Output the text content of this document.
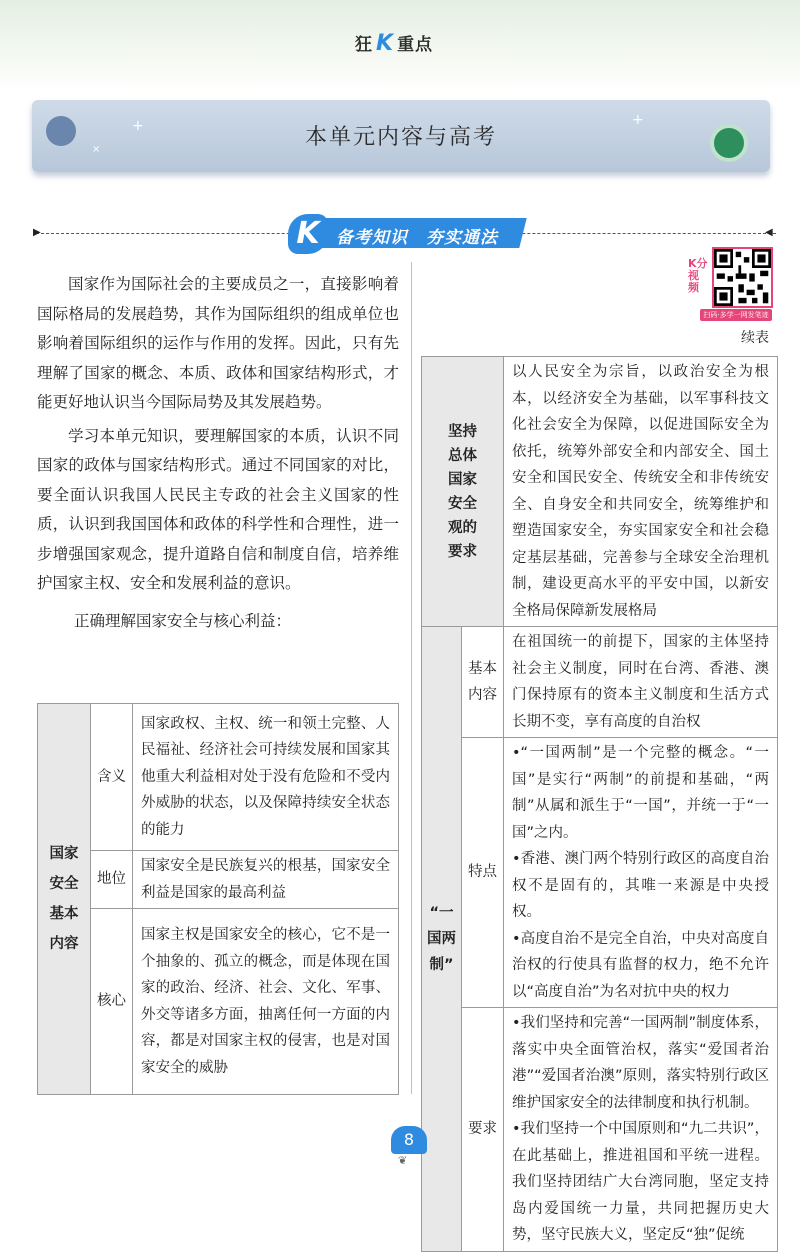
狂 K 重点
+
×
+
本单元内容与高考
▶	◀
K 备考知识　夯实通法
K分视频
扫码·多学一网发笔迹

国家作为国际社会的主要成员之一，直接影响着国际格局的发展趋势，其作为国际组织的组成单位也影响着国际组织的运作与作用的发挥。因此，只有先理解了国家的概念、本质、政体和国家结构形式，才能更好地认识当今国际局势及其发展趋势。

学习本单元知识，要理解国家的本质，认识不同国家的政体与国家结构形式。通过不同国家的对比，要全面认识我国人民民主专政的社会主义国家的性质，认识到我国国体和政体的科学性和合理性，进一步增强国家观念，提升道路自信和制度自信，培养维护国家主权、安全和发展利益的意识。

正确理解国家安全与核心利益：

国家安全基本内容	含义	国家政权、主权、统一和领土完整、人民福祉、经济社会可持续发展和国家其他重大利益相对处于没有危险和不受内外威胁的状态，以及保障持续安全状态的能力
	地位	国家安全是民族复兴的根基，国家安全利益是国家的最高利益
	核心	国家主权是国家安全的核心，它不是一个抽象的、孤立的概念，而是体现在国家的政治、经济、社会、文化、军事、外交等诸多方面，抽离任何一方面的内容，都是对国家主权的侵害，也是对国家安全的威胁
续表
坚持总体国家安全观的要求		以人民安全为宗旨，以政治安全为根本，以经济安全为基础，以军事科技文化社会安全为保障，以促进国际安全为依托，统筹外部安全和内部安全、国土安全和国民安全、传统安全和非传统安全、自身安全和共同安全，统筹维护和塑造国家安全，夯实国家安全和社会稳定基层基础，完善参与全球安全治理机制，建设更高水平的平安中国，以新安全格局保障新发展格局

“一国两制”	基本内容	在祖国统一的前提下，国家的主体坚持社会主义制度，同时在台湾、香港、澳门保持原有的资本主义制度和生活方式长期不变，享有高度的自治权
	特点	•“一国两制”是一个完整的概念。“一国”是实行“两制”的前提和基础，“两制”从属和派生于“一国”，并统一于“一国”之内。
•香港、澳门两个特别行政区的高度自治权不是固有的，其唯一来源是中央授权。
•高度自治不是完全自治，中央对高度自治权的行使具有监督的权力，绝不允许以“高度自治”为名对抗中央的权力

	要求	•我们坚持和完善“一国两制”制度体系，落实中央全面管治权，落实“爱国者治港”“爱国者治澳”原则，落实特别行政区维护国家安全的法律制度和执行机制。
•我们坚持一个中国原则和“九二共识”，在此基础上，推进祖国和平统一进程。我们坚持团结广大台湾同胞，坚定支持岛内爱国统一力量，共同把握历史大势，坚守民族大义，坚定反“独”促统
8
❦
